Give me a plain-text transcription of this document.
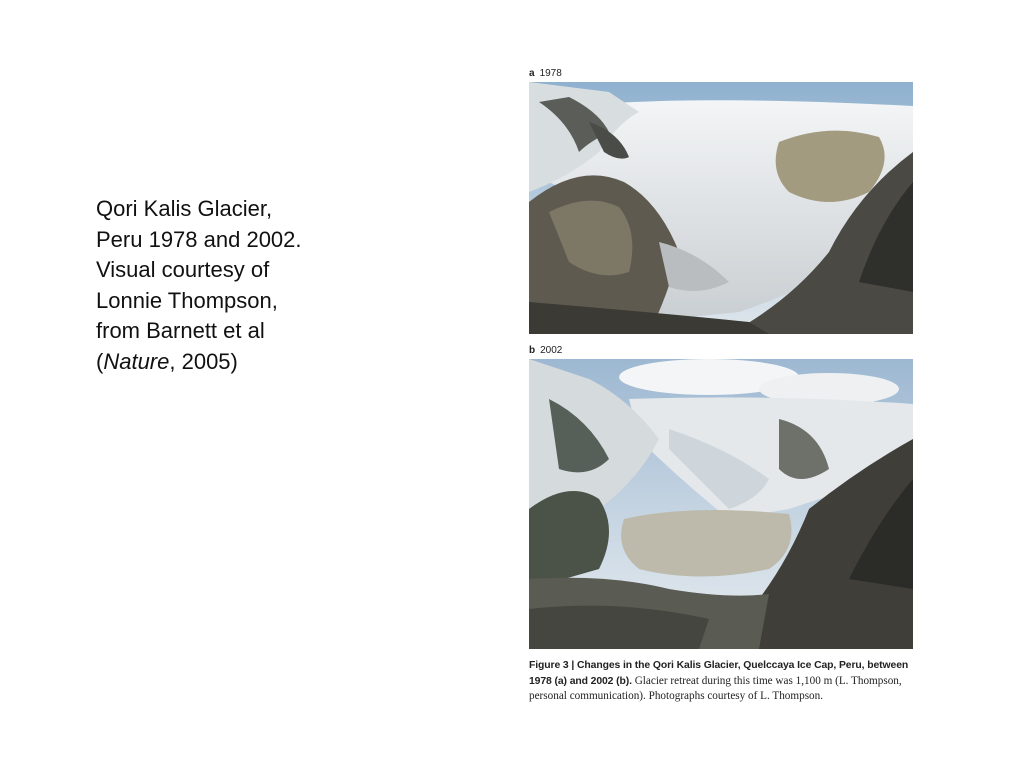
Qori Kalis Glacier,
Peru 1978 and 2002.
Visual courtesy of
Lonnie Thompson,
from Barnett et al
(Nature, 2005)
a 1978
b 2002
Figure 3 | Changes in the Qori Kalis Glacier, Quelccaya Ice Cap, Peru, between 1978 (a) and 2002 (b). Glacier retreat during this time was 1,100 m (L. Thompson, personal communication). Photographs courtesy of L. Thompson.
